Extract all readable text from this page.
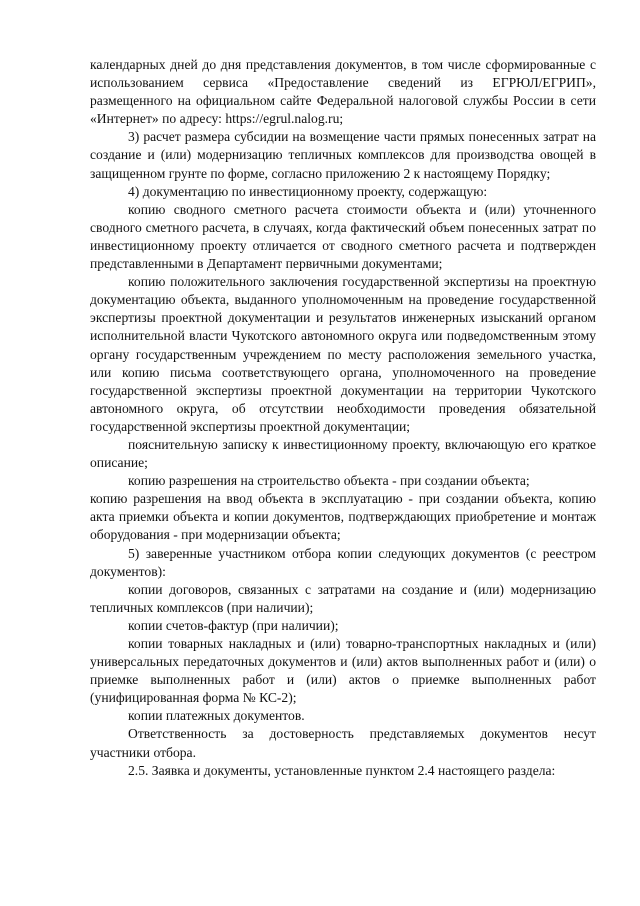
календарных дней до дня представления документов, в том числе сформированные с использованием сервиса «Предоставление сведений из ЕГРЮЛ/ЕГРИП», размещенного на официальном сайте Федеральной налоговой службы России в сети «Интернет» по адресу: https://egrul.nalog.ru;

3) расчет размера субсидии на возмещение части прямых понесенных затрат на создание и (или) модернизацию тепличных комплексов для производства овощей в защищенном грунте по форме, согласно приложению 2 к настоящему Порядку;

4) документацию по инвестиционному проекту, содержащую:

копию сводного сметного расчета стоимости объекта и (или) уточненного сводного сметного расчета, в случаях, когда фактический объем понесенных затрат по инвестиционному проекту отличается от сводного сметного расчета и подтвержден представленными в Департамент первичными документами;

копию положительного заключения государственной экспертизы на проектную документацию объекта, выданного уполномоченным на проведение государственной экспертизы проектной документации и результатов инженерных изысканий органом исполнительной власти Чукотского автономного округа или подведомственным этому органу государственным учреждением по месту расположения земельного участка, или копию письма соответствующего органа, уполномоченного на проведение государственной экспертизы проектной документации на территории Чукотского автономного округа, об отсутствии необходимости проведения обязательной государственной экспертизы проектной документации;

пояснительную записку к инвестиционному проекту, включающую его краткое описание;

копию разрешения на строительство объекта - при создании объекта;

копию разрешения на ввод объекта в эксплуатацию - при создании объекта, копию акта приемки объекта и копии документов, подтверждающих приобретение и монтаж оборудования - при модернизации объекта;

5) заверенные участником отбора копии следующих документов (с реестром документов):

копии договоров, связанных с затратами на создание и (или) модернизацию тепличных комплексов (при наличии);

копии счетов-фактур (при наличии);

копии товарных накладных и (или) товарно-транспортных накладных и (или) универсальных передаточных документов и (или) актов выполненных работ и (или) о приемке выполненных работ и (или) актов о приемке выполненных работ (унифицированная форма № КС-2);

копии платежных документов.

Ответственность за достоверность представляемых документов несут участники отбора.

2.5. Заявка и документы, установленные пунктом 2.4 настоящего раздела:
